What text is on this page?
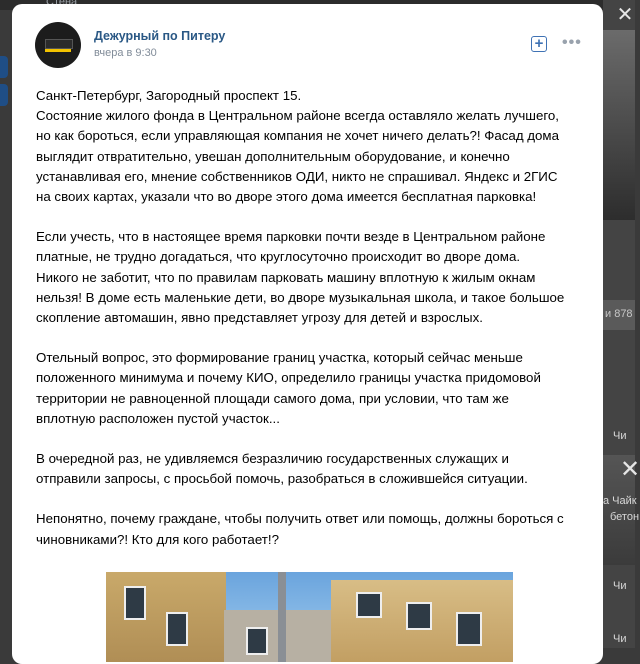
и 878
Чи
а Чайк
бетон
Чи
Чи
✕
✕
Дежурный по Питеру
вчера в 9:30
+ •••
Санкт-Петербург, Загородный проспект 15.
Состояние жилого фонда в Центральном районе всегда оставляло желать лучшего,
но как бороться, если управляющая компания не хочет ничего делать?! Фасад дома
выглядит отвратительно, увешан дополнительным оборудование, и конечно
устанавливая его, мнение собственников ОДИ, никто не спрашивал. Яндекс и 2ГИС
на своих картах, указали что во дворе этого дома имеется бесплатная парковка!
Если учесть, что в настоящее время парковки почти везде в Центральном районе
платные, не трудно догадаться, что круглосуточно происходит во дворе дома.
Никого не заботит, что по правилам парковать машину вплотную к жилым окнам
нельзя! В доме есть маленькие дети, во дворе музыкальная школа, и такое большое
скопление автомашин, явно представляет угрозу для детей и взрослых.
Отельный вопрос, это формирование границ участка, который сейчас меньше
положенного минимума и почему КИО, определило границы участка придомовой
территории не равноценной площади самого дома, при условии, что там же
вплотную расположен пустой участок...
В очередной раз, не удивляемся безразличию государственных служащих и
отправили запросы, с просьбой помочь, разобраться в сложившейся ситуации.
Непонятно, почему граждане, чтобы получить ответ или помощь, должны бороться с
чиновниками?! Кто для кого работает!?
